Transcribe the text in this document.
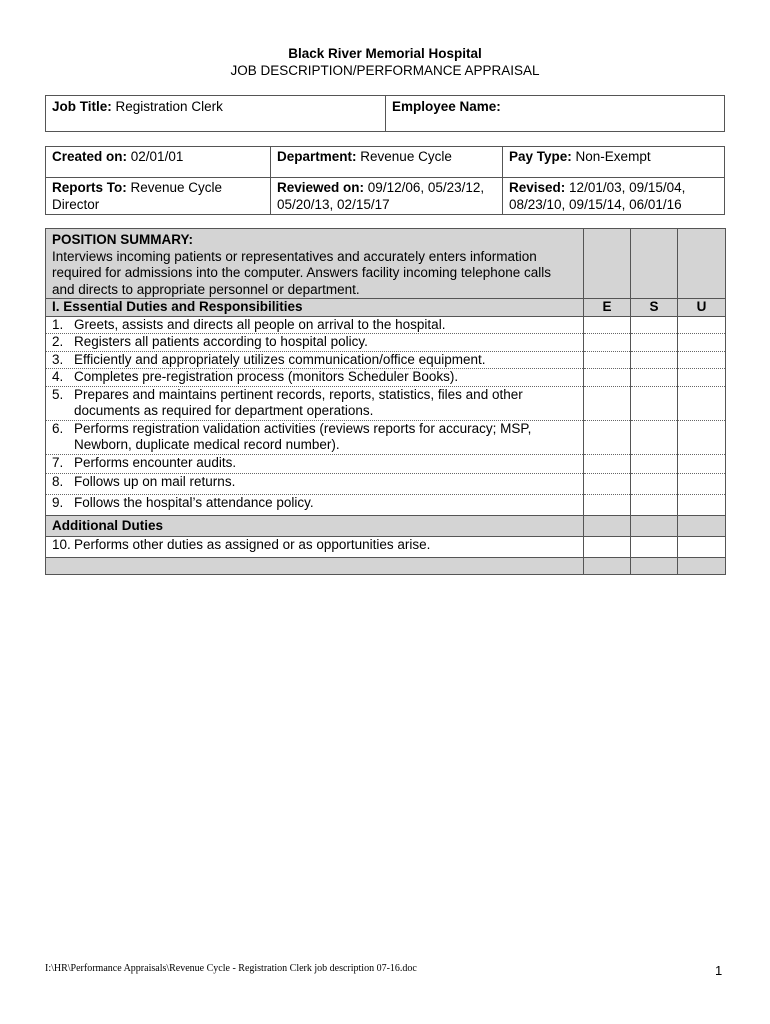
Black River Memorial Hospital
JOB DESCRIPTION/PERFORMANCE APPRAISAL
Job Title: Registration Clerk	Employee Name:
Created on: 02/01/01	Department: Revenue Cycle	Pay Type: Non-Exempt
Reports To: Revenue Cycle Director	Reviewed on: 09/12/06, 05/23/12, 05/20/13, 02/15/17	Revised: 12/01/03, 09/15/04, 08/23/10, 09/15/14, 06/01/16
POSITION SUMMARY:
Interviews incoming patients or representatives and accurately enters information required for admissions into the computer. Answers facility incoming telephone calls and directs to appropriate personnel or department.			

I. Essential Duties and Responsibilities	E	S	U

1. Greets, assists and directs all people on arrival to the hospital.			

2. Registers all patients according to hospital policy.			

3. Efficiently and appropriately utilizes communication/office equipment.			

4. Completes pre-registration process (monitors Scheduler Books).			

5. Prepares and maintains pertinent records, reports, statistics, files and other documents as required for department operations.			

6. Performs registration validation activities (reviews reports for accuracy; MSP, Newborn, duplicate medical record number).			

7. Performs encounter audits.			

8. Follows up on mail returns.			

9. Follows the hospital’s attendance policy.			

Additional Duties			

10. Performs other duties as assigned or as opportunities arise.			

I:\HR\Performance Appraisals\Revenue Cycle - Registration Clerk job description 07-16.doc	1
